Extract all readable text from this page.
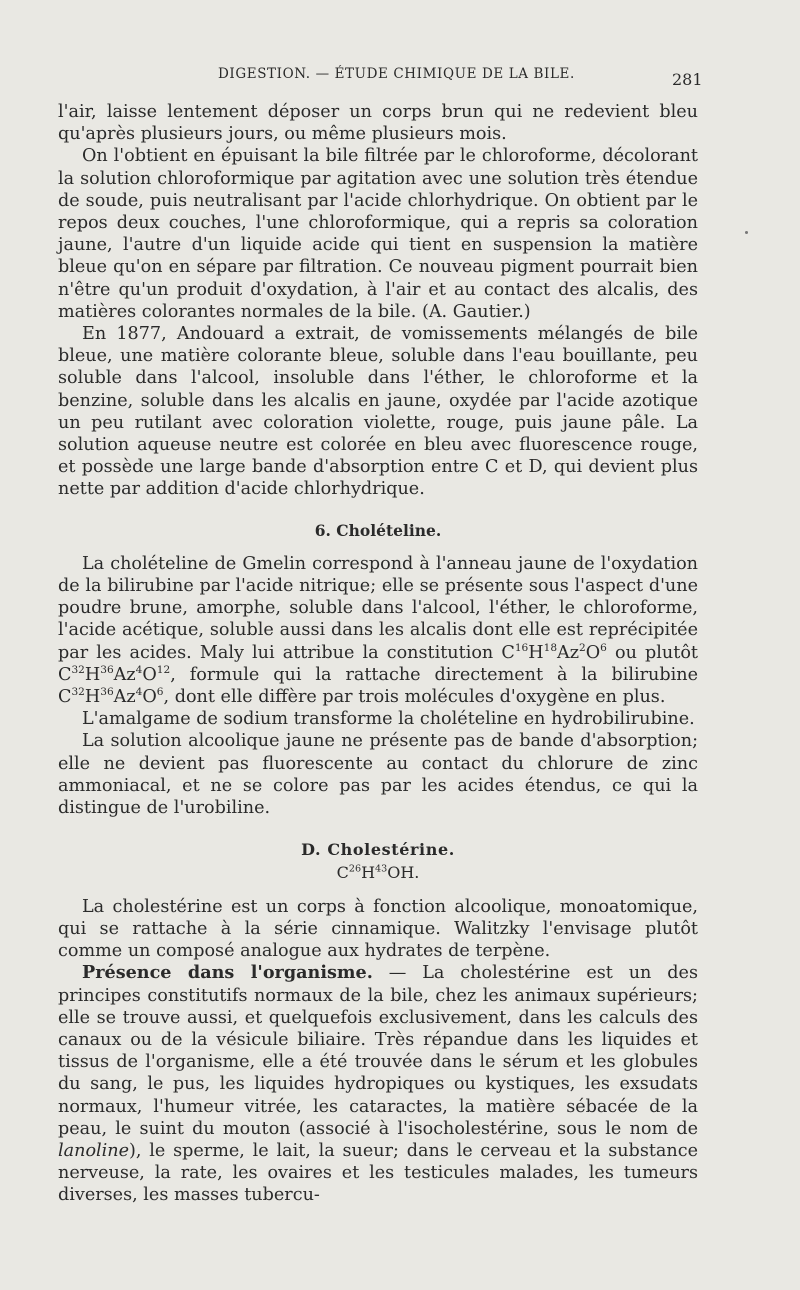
DIGESTION. — ÉTUDE CHIMIQUE DE LA BILE.	281

l'air, laisse lentement déposer un corps brun qui ne redevient bleu qu'après plusieurs jours, ou même plusieurs mois.

On l'obtient en épuisant la bile filtrée par le chloroforme, décolorant la solution chloroformique par agitation avec une solution très étendue de soude, puis neutralisant par l'acide chlorhydrique. On obtient par le repos deux couches, l'une chloroformique, qui a repris sa coloration jaune, l'autre d'un liquide acide qui tient en suspension la matière bleue qu'on en sépare par filtration. Ce nouveau pigment pourrait bien n'être qu'un produit d'oxydation, à l'air et au contact des alcalis, des matières colorantes normales de la bile. (A. Gautier.)

En 1877, Andouard a extrait, de vomissements mélangés de bile bleue, une matière colorante bleue, soluble dans l'eau bouillante, peu soluble dans l'alcool, insoluble dans l'éther, le chloroforme et la benzine, soluble dans les alcalis en jaune, oxydée par l'acide azotique un peu rutilant avec coloration violette, rouge, puis jaune pâle. La solution aqueuse neutre est colorée en bleu avec fluorescence rouge, et possède une large bande d'absorption entre C et D, qui devient plus nette par addition d'acide chlorhydrique.

6. Cholételine.

La cholételine de Gmelin correspond à l'anneau jaune de l'oxydation de la bilirubine par l'acide nitrique; elle se présente sous l'aspect d'une poudre brune, amorphe, soluble dans l'alcool, l'éther, le chloroforme, l'acide acétique, soluble aussi dans les alcalis dont elle est reprécipitée par les acides. Maly lui attribue la constitution $C^{16}H^{18}Az^2O^6$ ou plutôt $C^{32}H^{36}Az^4O^{12}$, formule qui la rattache directement à la bilirubine $C^{32}H^{36}Az^4O^6$, dont elle diffère par trois molécules d'oxygène en plus.

L'amalgame de sodium transforme la cholételine en hydrobilirubine.

La solution alcoolique jaune ne présente pas de bande d'absorption; elle ne devient pas fluorescente au contact du chlorure de zinc ammoniacal, et ne se colore pas par les acides étendus, ce qui la distingue de l'urobiline.

D. Cholestérine.
$C^{26}H^{43}OH$.

La cholestérine est un corps à fonction alcoolique, monoatomique, qui se rattache à la série cinnamique. Walitzky l'envisage plutôt comme un composé analogue aux hydrates de terpène.

Présence dans l'organisme. — La cholestérine est un des principes constitutifs normaux de la bile, chez les animaux supérieurs; elle se trouve aussi, et quelquefois exclusivement, dans les calculs des canaux ou de la vésicule biliaire. Très répandue dans les liquides et tissus de l'organisme, elle a été trouvée dans le sérum et les globules du sang, le pus, les liquides hydropiques ou kystiques, les exsudats normaux, l'humeur vitrée, les cataractes, la matière sébacée de la peau, le suint du mouton (associé à l'isocholestérine, sous le nom de lanoline), le sperme, le lait, la sueur; dans le cerveau et la substance nerveuse, la rate, les ovaires et les testicules malades, les tumeurs diverses, les masses tubercu-
